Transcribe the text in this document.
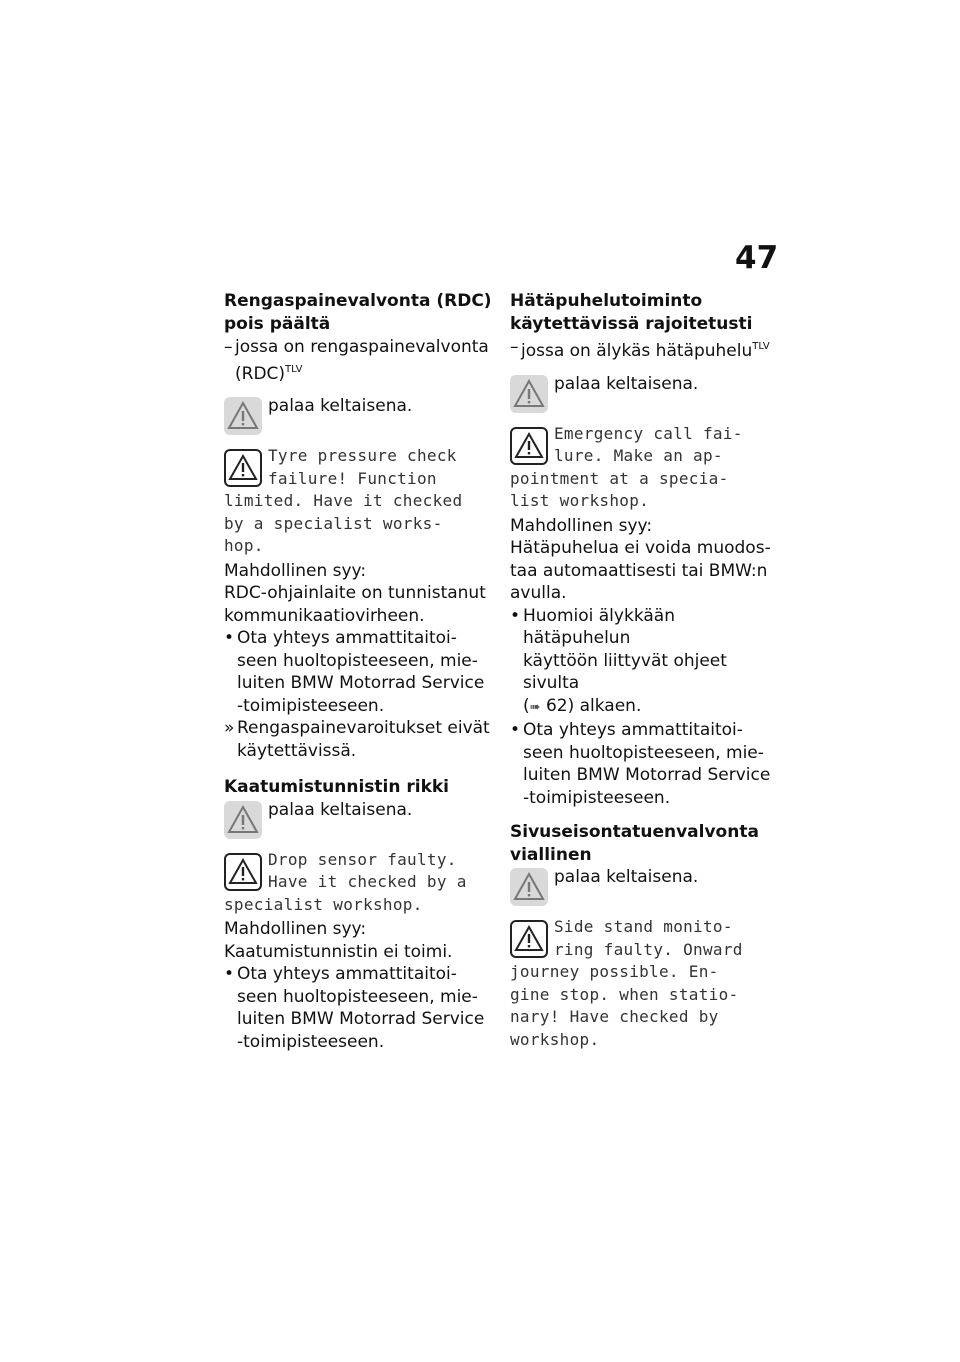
47
Rengaspainevalvonta (RDC)
pois päältä
– jossa on rengaspainevalvonta
(RDC)$^{TLV}$
palaa keltaisena.
Tyre pressure check
failure! Function
limited. Have it checked
by a specialist works-
hop.
Mahdollinen syy:
RDC-ohjainlaite on tunnistanut
kommunikaatiovirheen.
• Ota yhteys ammattitaitoi-
seen huoltopisteeseen, mie-
luiten BMW Motorrad Service
-toimipisteeseen.
» Rengaspainevaroitukset eivät
käytettävissä.
Kaatumistunnistin rikki
palaa keltaisena.
Drop sensor faulty.
Have it checked by a
specialist workshop.
Mahdollinen syy:
Kaatumistunnistin ei toimi.
• Ota yhteys ammattitaitoi-
seen huoltopisteeseen, mie-
luiten BMW Motorrad Service
-toimipisteeseen.
Hätäpuhelutoiminto
käytettävissä rajoitetusti
– jossa on älykäs hätäpuhelu$^{TLV}$
palaa keltaisena.
Emergency call fai-
lure. Make an ap-
pointment at a specia-
list workshop.
Mahdollinen syy:
Hätäpuhelua ei voida muodos-
taa automaattisesti tai BMW:n
avulla.
• Huomioi älykkään hätäpuhelun
käyttöön liittyvät ohjeet sivulta
(➠ 62) alkaen.
• Ota yhteys ammattitaitoi-
seen huoltopisteeseen, mie-
luiten BMW Motorrad Service
-toimipisteeseen.
Sivuseisontatuenvalvonta
viallinen
palaa keltaisena.
Side stand monito-
ring faulty. Onward
journey possible. En-
gine stop. when statio-
nary! Have checked by
workshop.
